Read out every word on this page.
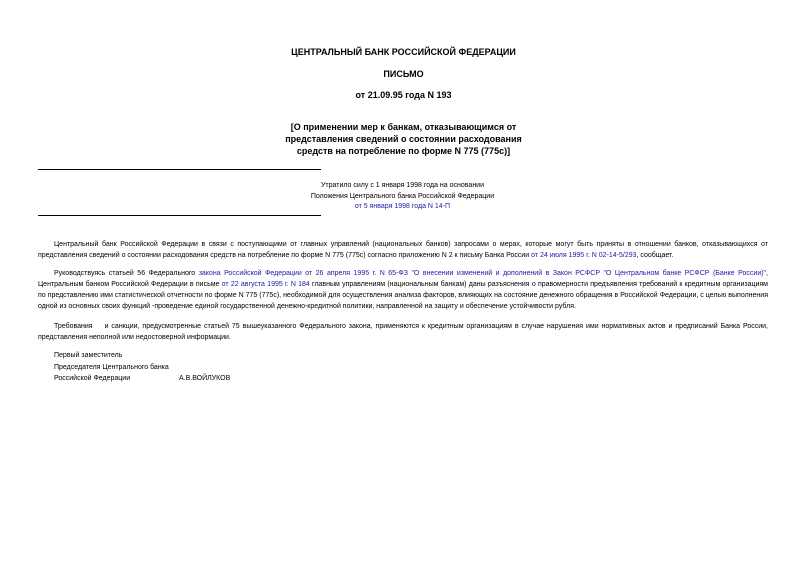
ЦЕНТРАЛЬНЫЙ БАНК РОССИЙСКОЙ ФЕДЕРАЦИИ
ПИСЬМО
от 21.09.95 года N 193
[О применении мер к банкам, отказывающимся от
представления сведений о состоянии расходования
средств на потребление по форме N 775 (775с)]
Утратило силу с 1 января 1998 года на основании
Положения Центрального банка Российской Федерации
от 5 января 1998 года N 14-П
Центральный банк Российской Федерации в связи с поступающими от главных управлений (национальных банков) запросами о мерах, которые могут быть приняты в отношении банков, отказывающихся от представления сведений о состоянии расходования средств на потребление по форме N 775 (775с) согласно приложению N 2 к письму Банка России от 24 июля 1995 г. N 02-14-5/293, сообщает.
Руководствуясь статьей 56 Федерального закона Российской Федерации от 26 апреля 1995 г. N 65-ФЗ "О внесении изменений и дополнений в Закон РСФСР "О Центральном банке РСФСР (Банке России)", Центральным банком Российской Федерации в письме от 22 августа 1995 г. N 184 главным управлениям (национальным банкам) даны разъяснения о правомерности предъявления требований к кредитным организациям по представлению ими статистической отчетности по форме N 775 (775с), необходимой для осуществления анализа факторов, влияющих на состояние денежного обращения в Российской Федерации, с целью выполнения одной из основных своих функций -проведение единой государственной денежно-кредитной политики, направленной на защиту и обеспечение устойчивости рубля.
Требования и санкции, предусмотренные статьей 75 вышеуказанного Федерального закона, применяются к кредитным организациям в случае нарушения ими нормативных актов и предписаний Банка России, представления неполной или недостоверной информации.
Первый заместитель
Председателя Центрального банка
Российской Федерации	А.В.ВОЙЛУКОВ
